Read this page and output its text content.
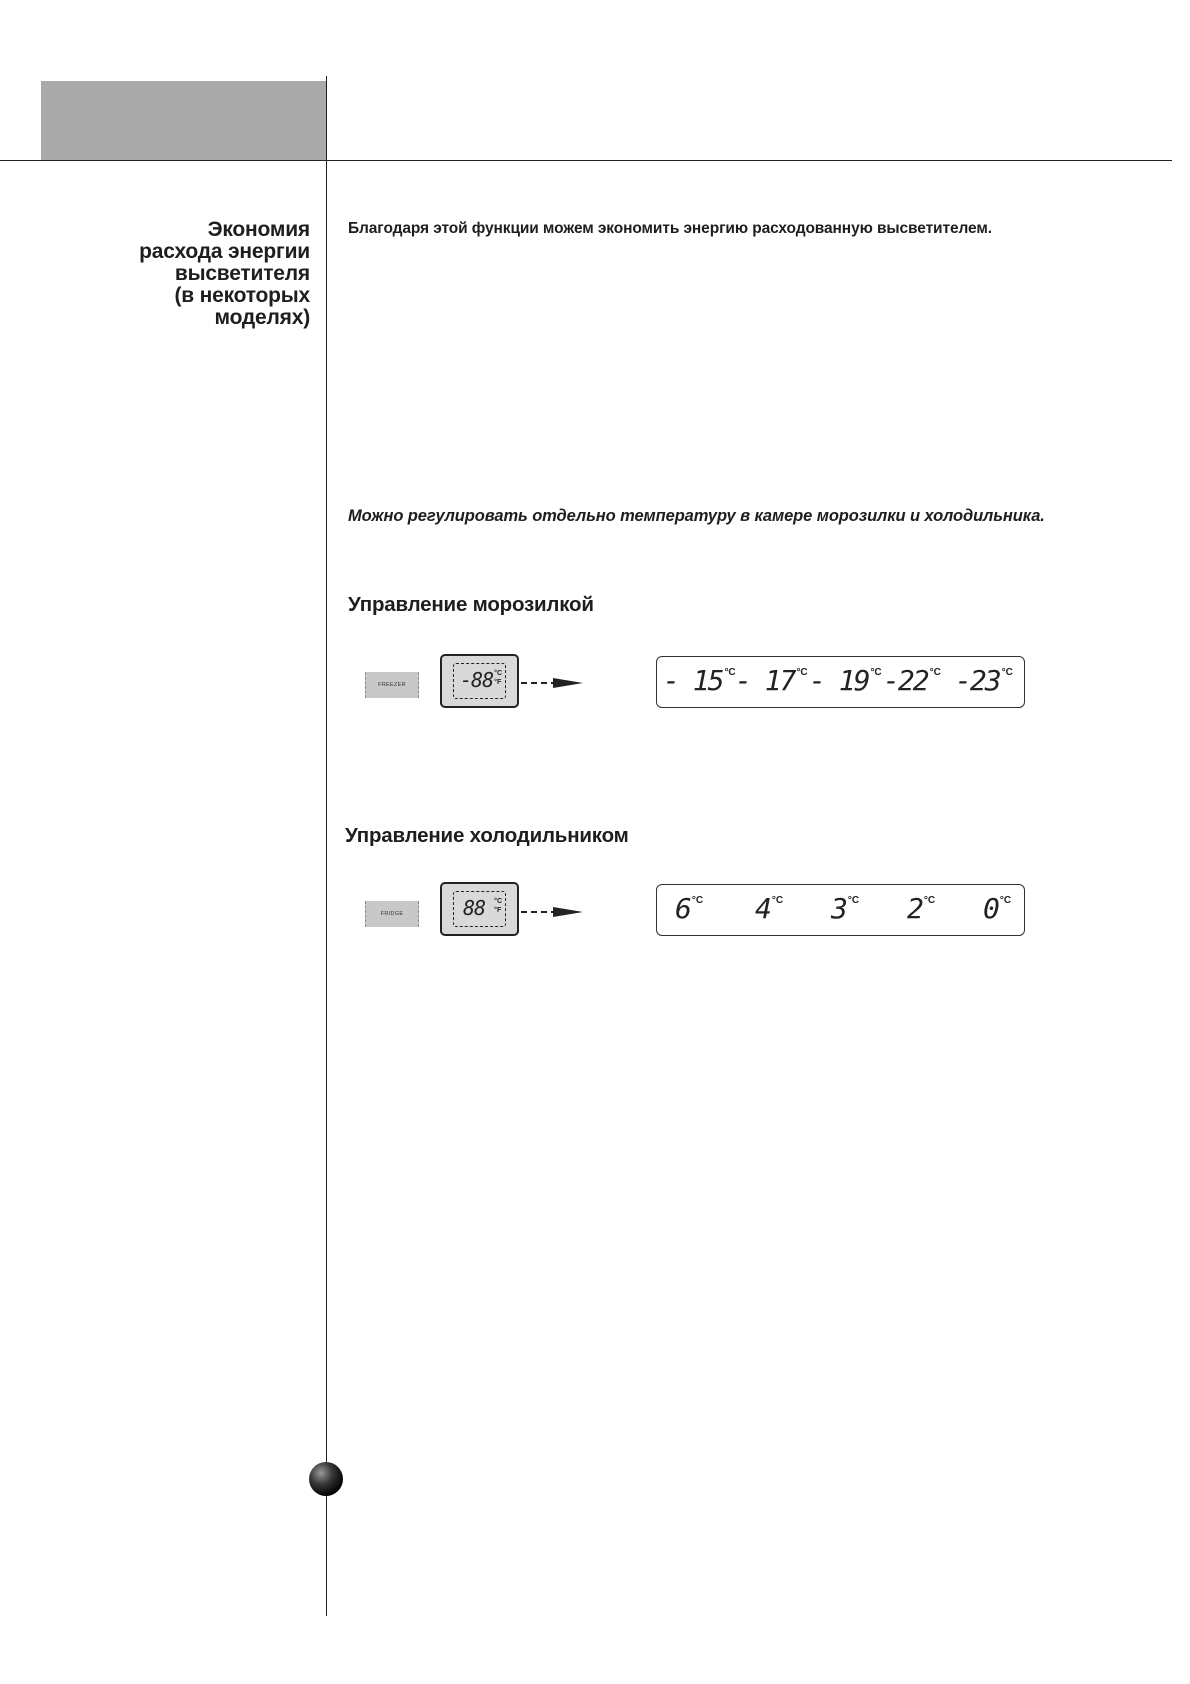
Экономия
расхода энергии
высветителя
(в некоторых
моделях)
Благодаря этой функции можем экономить энергию расходованную высветителем.
Можно регулировать отдельно температуру в камере морозилки и холодильника.
Управление морозилкой
FREEZER	-88 °C
°F	- 15 $^{^\circ C}$ - 17 $^{^\circ C}$ - 19 $^{^\circ C}$ -22 $^{^\circ C}$ -23 $^{^\circ C}$
Управление холодильником
FRIDGE	88 °C
°F	6 $^{^\circ C}$ 4 $^{^\circ C}$ 3 $^{^\circ C}$ 2 $^{^\circ C}$ 0 $^{^\circ C}$
